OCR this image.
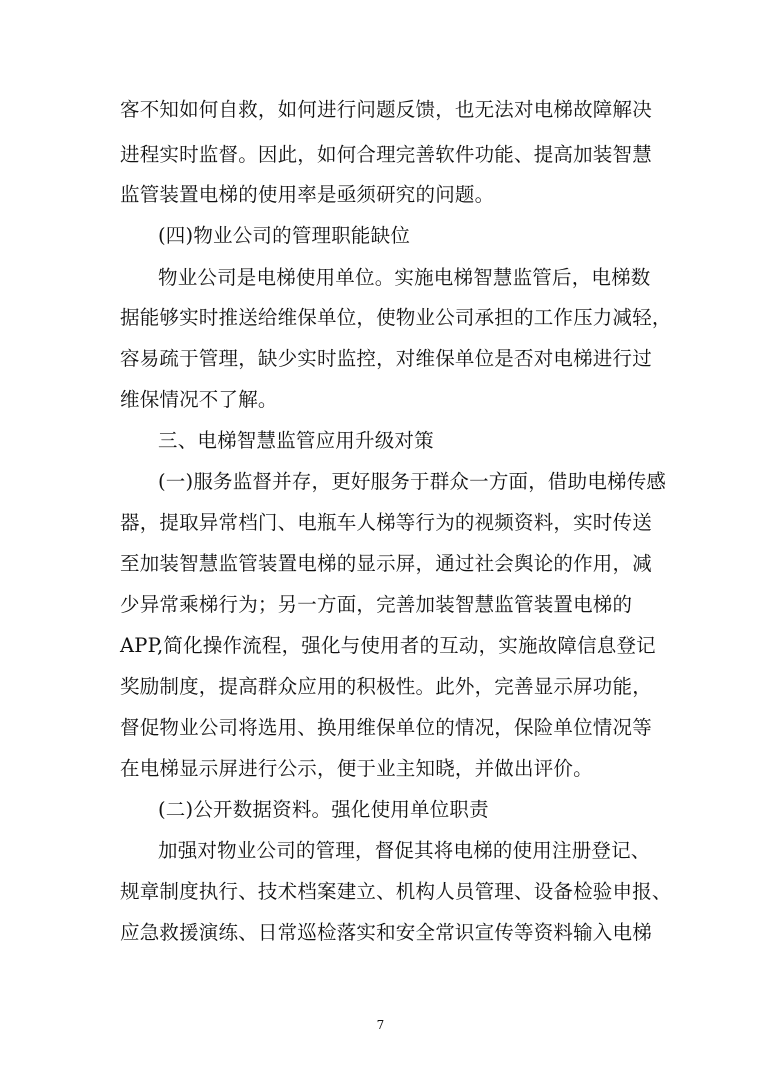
客不知如何自救，如何进行问题反馈，也无法对电梯故障解决
进程实时监督。因此，如何合理完善软件功能、提高加装智慧
监管装置电梯的使用率是亟须研究的问题。
(四)物业公司的管理职能缺位
物业公司是电梯使用单位。实施电梯智慧监管后，电梯数
据能够实时推送给维保单位，使物业公司承担的工作压力减轻，
容易疏于管理，缺少实时监控，对维保单位是否对电梯进行过
维保情况不了解。
三、电梯智慧监管应用升级对策
(一)服务监督并存，更好服务于群众一方面，借助电梯传感
器，提取异常档门、电瓶车人梯等行为的视频资料，实时传送
至加装智慧监管装置电梯的显示屏，通过社会舆论的作用，减
少异常乘梯行为；另一方面，完善加装智慧监管装置电梯的
APP,简化操作流程，强化与使用者的互动，实施故障信息登记
奖励制度，提高群众应用的积极性。此外，完善显示屏功能，
督促物业公司将选用、换用维保单位的情况，保险单位情况等
在电梯显示屏进行公示，便于业主知晓，并做出评价。
(二)公开数据资料。强化使用单位职责
加强对物业公司的管理，督促其将电梯的使用注册登记、
规章制度执行、技术档案建立、机构人员管理、设备检验申报、
应急救援演练、日常巡检落实和安全常识宣传等资料输入电梯
7
